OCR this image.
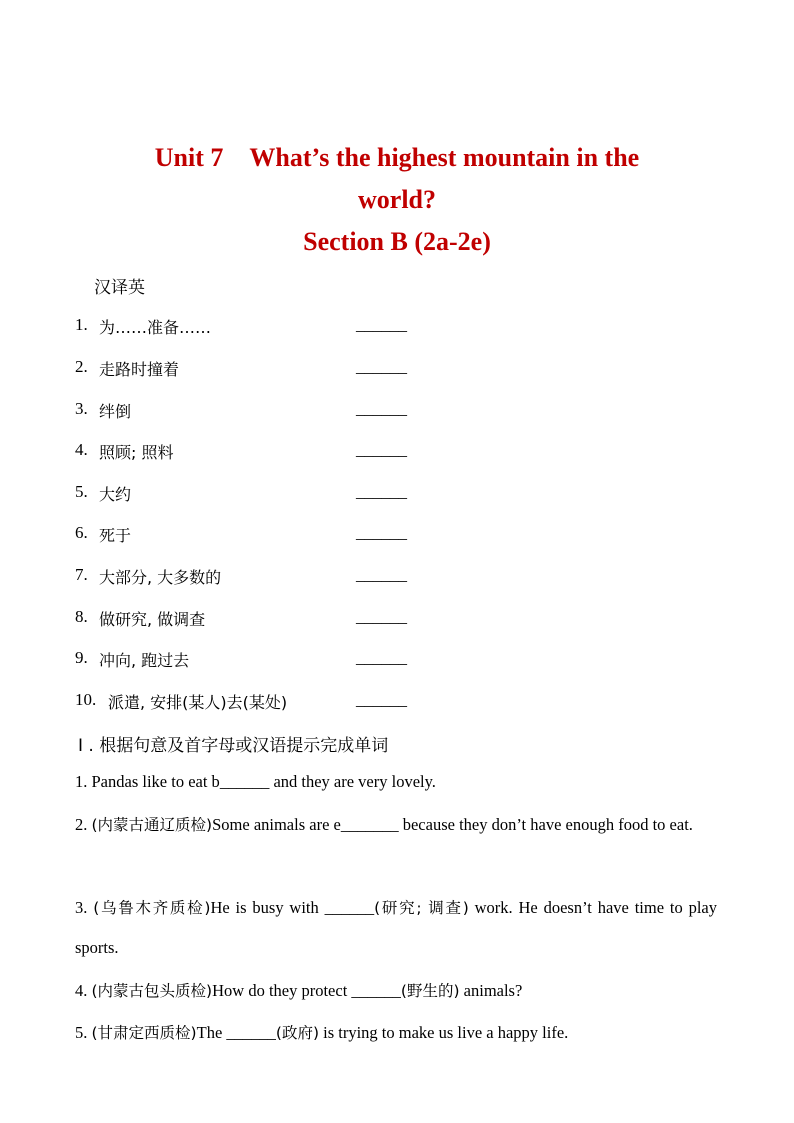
Unit 7    What’s the highest mountain in the
world?
Section B (2a-2e)
汉译英
1. 为……准备……	______
2. 走路时撞着	______
3. 绊倒	______
4. 照顾; 照料	______
5. 大约	______
6. 死于	______
7. 大部分, 大多数的	______
8. 做研究, 做调查	______
9. 冲向, 跑过去	______
10. 派遣, 安排(某人)去(某处)	______
Ⅰ . 根据句意及首字母或汉语提示完成单词
1. Pandas like to eat b______ and they are very lovely.
2. (内蒙古通辽质检)Some animals are e_______ because they don’t have enough food to eat.
3. (乌鲁木齐质检)He is busy with ______(研究; 调查) work. He doesn’t have time to play sports.
4. (内蒙古包头质检)How do they protect ______(野生的) animals?
5. (甘肃定西质检)The ______(政府) is trying to make us live a happy life.
